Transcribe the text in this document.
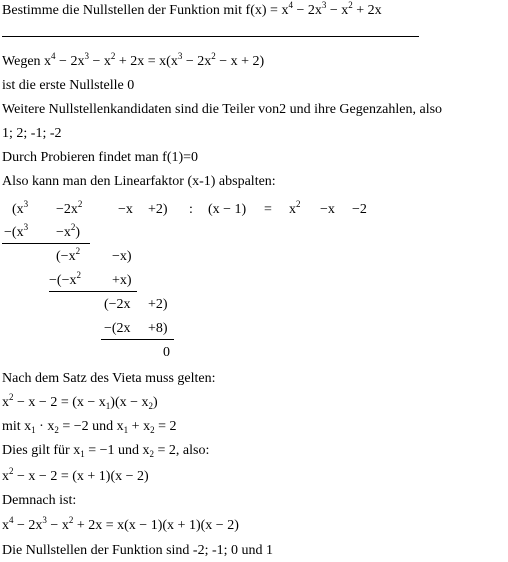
Bestimme die Nullstellen der Funktion mit $f(x) = x^4 - 2x^3 - x^2 + 2x$
Wegen $x^4 - 2x^3 - x^2 + 2x = x(x^3 - 2x^2 - x + 2)$
ist die erste Nullstelle 0
Weitere Nullstellenkandidaten sind die Teiler von2 und ihre Gegenzahlen, also
1; 2; -1; -2
Durch Probieren findet man f(1)=0
Also kann man den Linearfaktor (x-1) abspalten:
($x^3 -2x^2$	−x +2) : $(x - 1) = x^2 -x -2$
$-(x^3 -x^2)$
$(-x^2 -x)$
$-(-x^2 +x)$
(−2x +2)
−(2x +8)
0
Nach dem Satz des Vieta muss gelten:
$x^2 - x - 2 = (x - x_1)(x - x_2)$
mit $x_1 \cdot x_2 = -2$ und $x_1 + x_2 = 2$
Dies gilt für $x_1 = -1$ und $x_2 = 2$, also:
$x^2 - x - 2 = (x + 1)(x - 2)$
Demnach ist:
$x^4 - 2x^3 - x^2 + 2x = x(x - 1)(x + 1)(x - 2)$
Die Nullstellen der Funktion sind -2; -1; 0 und 1
